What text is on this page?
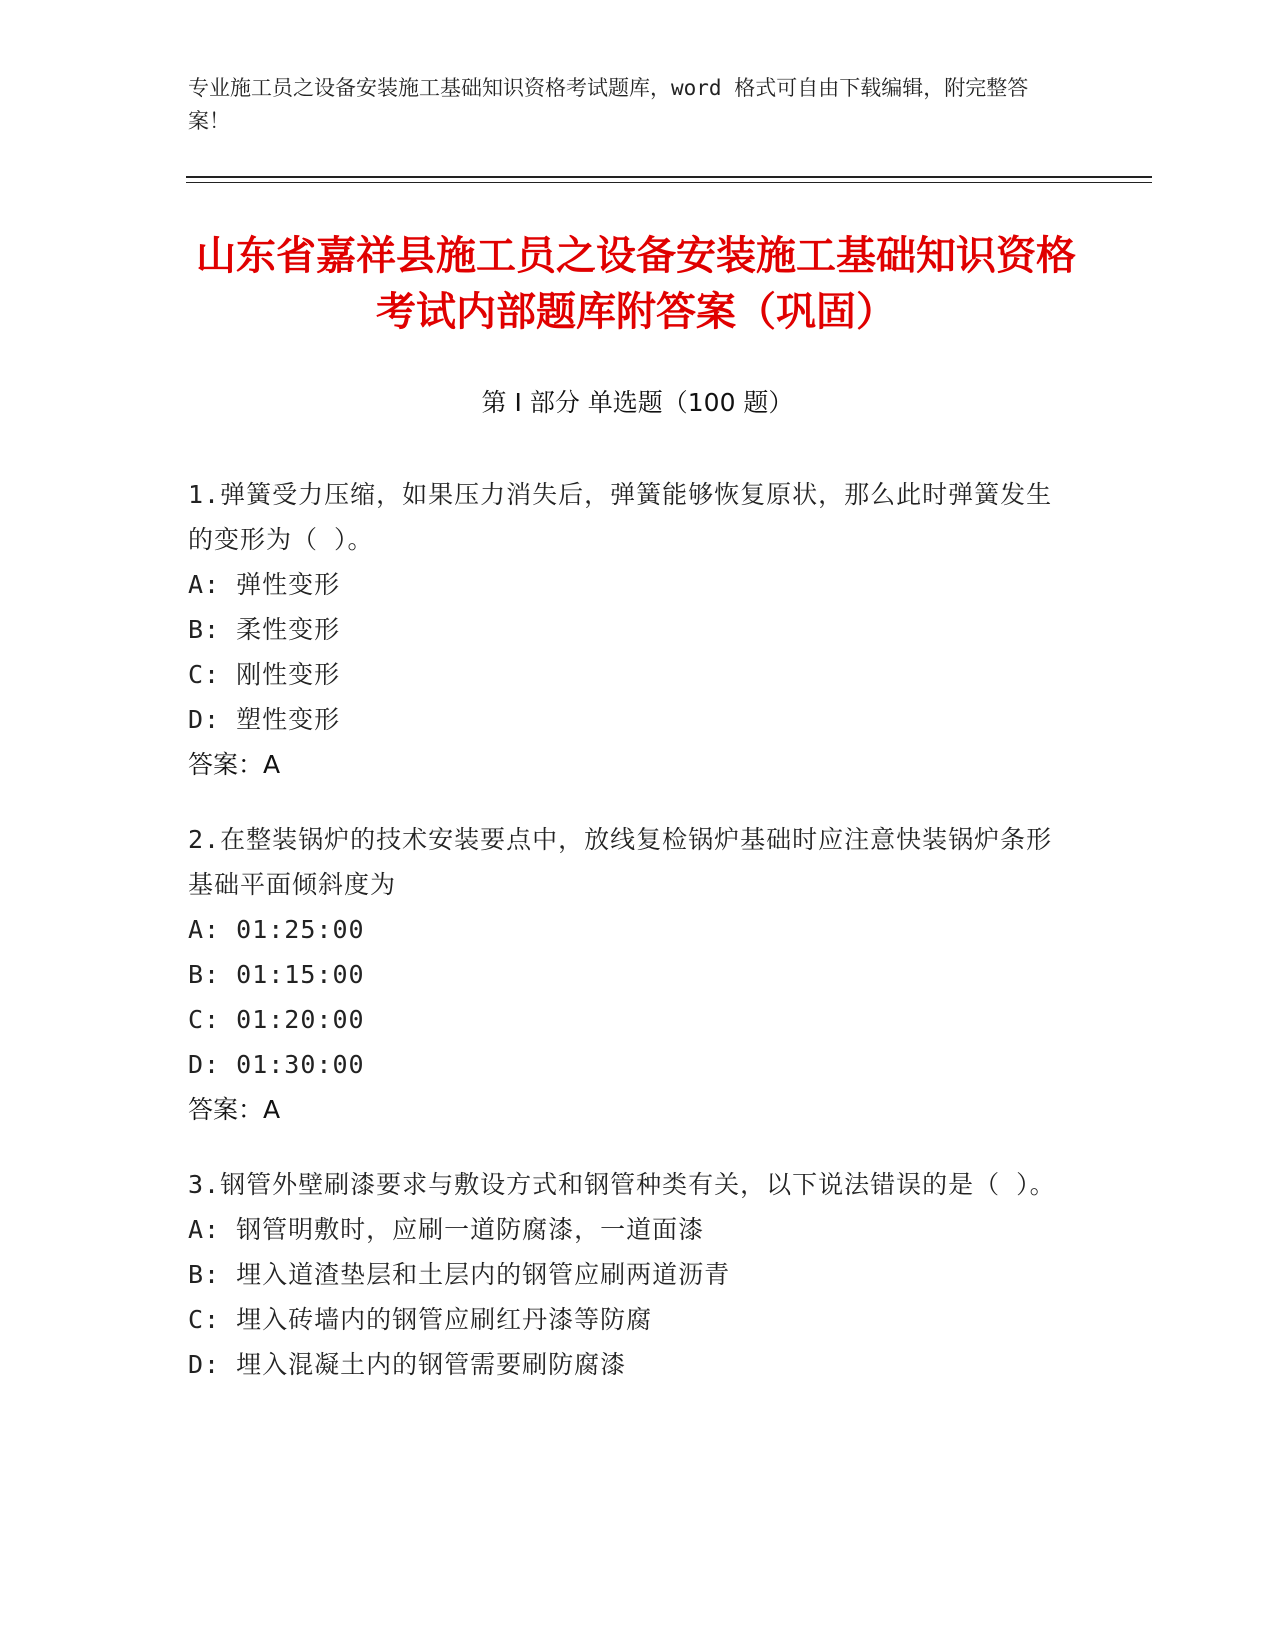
专业施工员之设备安装施工基础知识资格考试题库，word 格式可自由下载编辑，附完整答案！
山东省嘉祥县施工员之设备安装施工基础知识资格考试内部题库附答案（巩固）
第 I 部分 单选题（100 题）
1.弹簧受力压缩，如果压力消失后，弹簧能够恢复原状，那么此时弹簧发生的变形为（ ）。
A: 弹性变形
B: 柔性变形
C: 刚性变形
D: 塑性变形
答案：A
2.在整装锅炉的技术安装要点中，放线复检锅炉基础时应注意快装锅炉条形基础平面倾斜度为
A: 01:25:00
B: 01:15:00
C: 01:20:00
D: 01:30:00
答案：A
3.钢管外壁刷漆要求与敷设方式和钢管种类有关，以下说法错误的是（ ）。
A: 钢管明敷时，应刷一道防腐漆，一道面漆
B: 埋入道渣垫层和土层内的钢管应刷两道沥青
C: 埋入砖墙内的钢管应刷红丹漆等防腐
D: 埋入混凝土内的钢管需要刷防腐漆
